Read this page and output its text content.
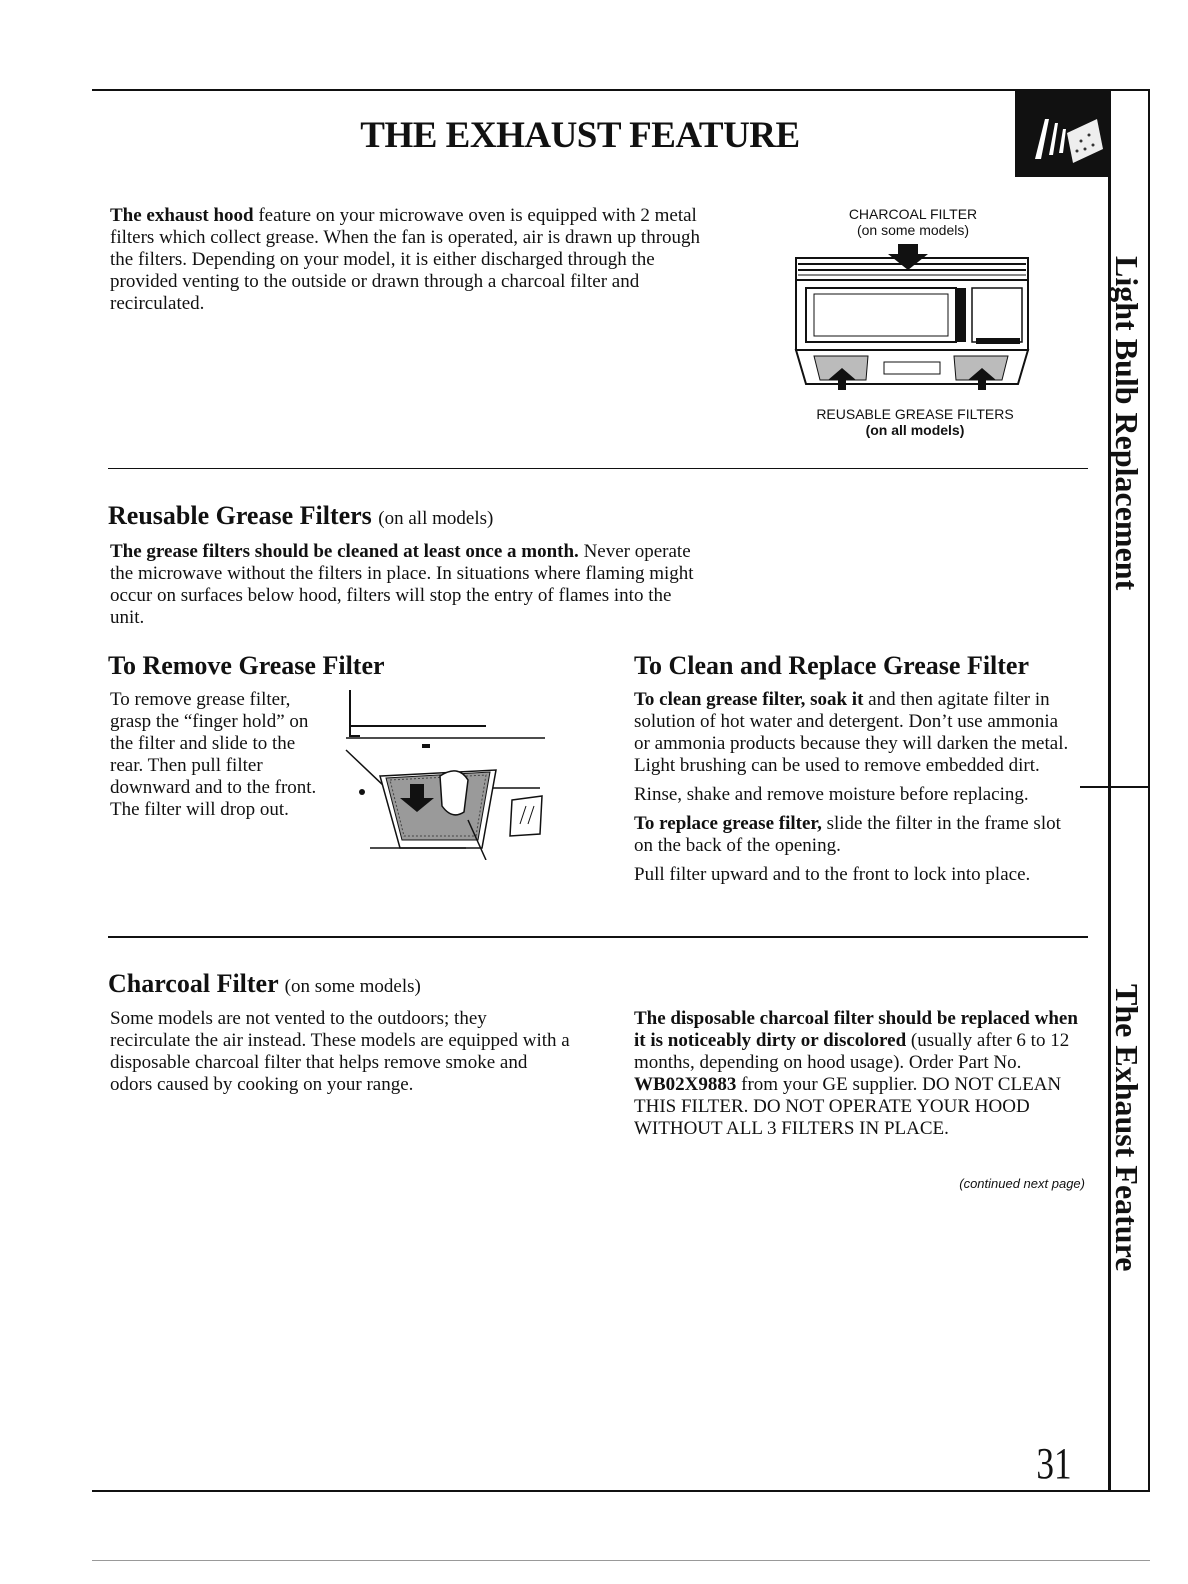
Light Bulb Replacement
The Exhaust Feature
THE EXHAUST FEATURE

The exhaust hood feature on your microwave oven is equipped with 2 metal filters which collect grease. When the fan is operated, air is drawn up through the filters. Depending on your model, it is either discharged through the provided venting to the outside or drawn through a charcoal filter and recirculated.

CHARCOAL FILTER
(on some models)
REUSABLE GREASE FILTERS
(on all models)
Reusable Grease Filters (on all models)

The grease filters should be cleaned at least once a month. Never operate the microwave without the filters in place. In situations where flaming might occur on surfaces below hood, filters will stop the entry of flames into the unit.

To Remove Grease Filter
To remove grease filter, grasp the “finger hold” on the filter and slide to the rear. Then pull filter downward and to the front. The filter will drop out.
To Clean and Replace Grease Filter

To clean grease filter, soak it and then agitate filter in solution of hot water and detergent. Don’t use ammonia or ammonia products because they will darken the metal. Light brushing can be used to remove embedded dirt.

Rinse, shake and remove moisture before replacing.

To replace grease filter, slide the filter in the frame slot on the back of the opening.

Pull filter upward and to the front to lock into place.

Charcoal Filter (on some models)
Some models are not vented to the outdoors; they recirculate the air instead. These models are equipped with a disposable charcoal filter that helps remove smoke and odors caused by cooking on your range.

The disposable charcoal filter should be replaced when it is noticeably dirty or discolored (usually after 6 to 12 months, depending on hood usage). Order Part No. WB02X9883 from your GE supplier. DO NOT CLEAN THIS FILTER. DO NOT OPERATE YOUR HOOD WITHOUT ALL 3 FILTERS IN PLACE.

(continued next page)
31
